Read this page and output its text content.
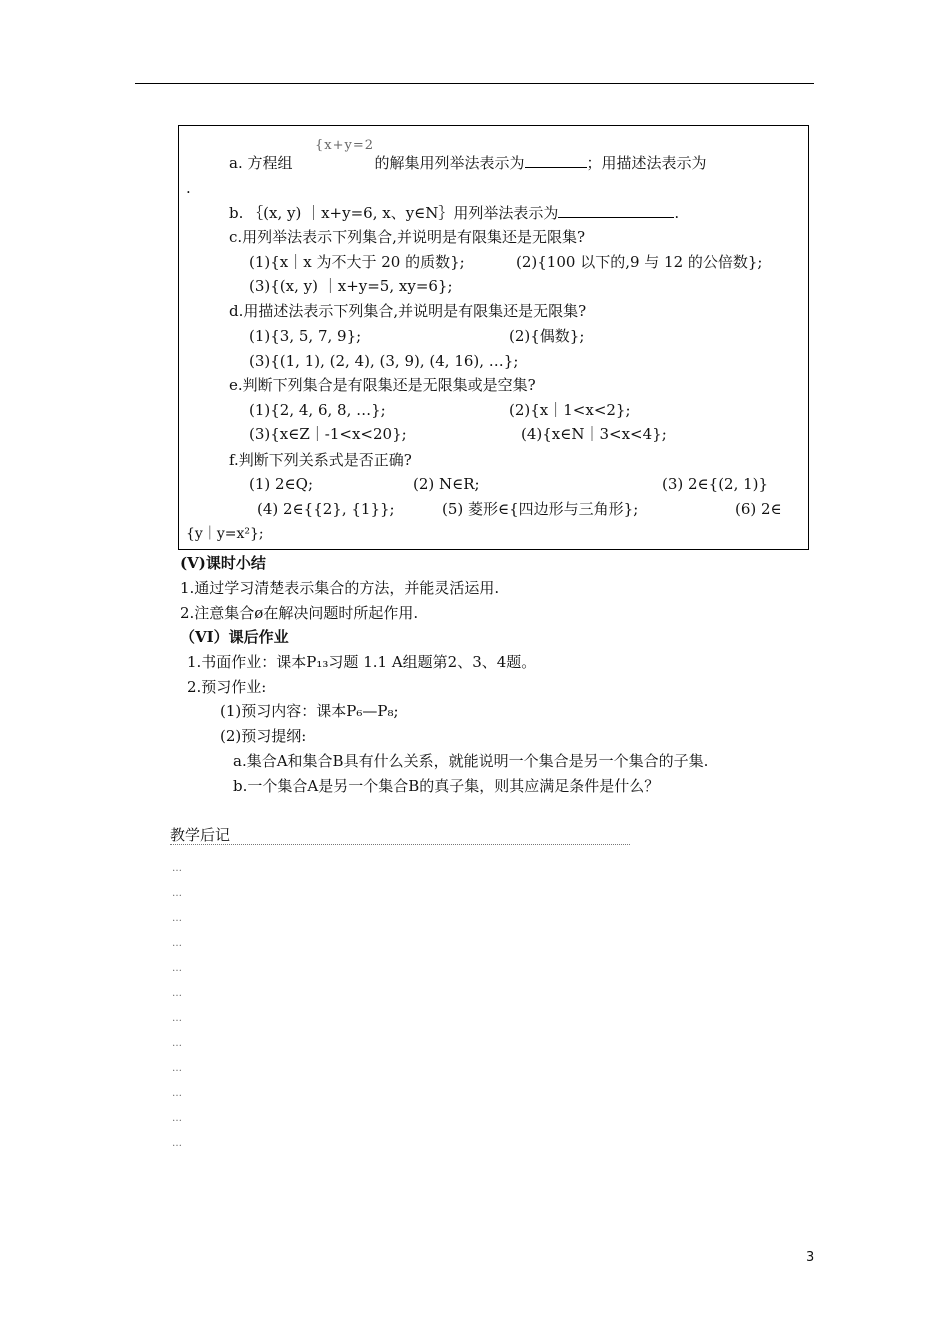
{x+y=2
a. 方程组	的解集用列举法表示为	；用描述法表示为
.
b. ｛(x, y) ｜x+y=6, x、y∈N｝用列举法表示为	.
c.用列举法表示下列集合,并说明是有限集还是无限集?
(1){x｜x 为不大于 20 的质数};	(2){100 以下的,9 与 12 的公倍数};
(3){(x, y) ｜x+y=5, xy=6};
d.用描述法表示下列集合,并说明是有限集还是无限集?
(1){3, 5, 7, 9};	(2){偶数};
(3){(1, 1), (2, 4), (3, 9), (4, 16), …};
e.判断下列集合是有限集还是无限集或是空集?
(1){2, 4, 6, 8, …};	(2){x｜1<x<2};
(3){x∈Z｜-1<x<20};	(4){x∈N｜3<x<4};
f.判断下列关系式是否正确?
(1) 2∈Q;	(2) N∈R;	(3) 2∈{(2, 1)}
(4) 2∈{{2}, {1}};	(5) 菱形∈{四边形与三角形};	(6) 2∈
{y｜y=x²};
(V)课时小结
1.通过学习清楚表示集合的方法，并能灵活运用.
2.注意集合ø在解决问题时所起作用.
（VI）课后作业
1.书面作业：课本P₁₃习题 1.1 A组题第2、3、4题。
2.预习作业:
(1)预习内容：课本P₆—P₈;
(2)预习提纲:
a.集合A和集合B具有什么关系，就能说明一个集合是另一个集合的子集.
b.一个集合A是另一个集合B的真子集，则其应满足条件是什么？
教学后记
…
…
…
…
…
…
…
…
…
…
…
…
3
